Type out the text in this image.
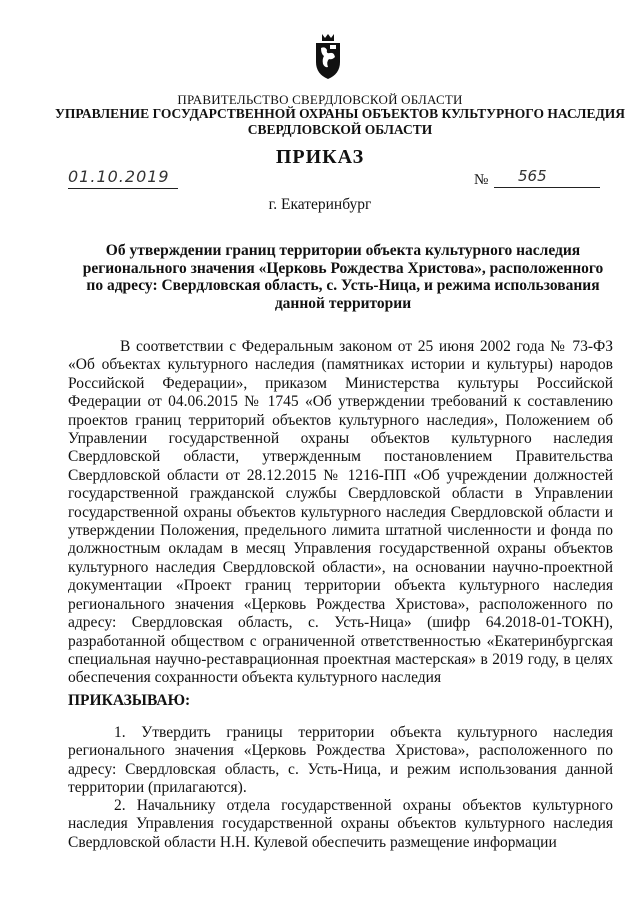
ПРАВИТЕЛЬСТВО СВЕРДЛОВСКОЙ ОБЛАСТИ
УПРАВЛЕНИЕ ГОСУДАРСТВЕННОЙ ОХРАНЫ ОБЪЕКТОВ КУЛЬТУРНОГО НАСЛЕДИЯ СВЕРДЛОВСКОЙ ОБЛАСТИ
ПРИКАЗ
01.10.2019	№	565
г. Екатеринбург
Об утверждении границ территории объекта культурного наследия регионального значения «Церковь Рождества Христова», расположенного по адресу: Свердловская область, с. Усть-Ница, и режима использования данной территории
В соответствии с Федеральным законом от 25 июня 2002 года № 73-ФЗ «Об объектах культурного наследия (памятниках истории и культуры) народов Российской Федерации», приказом Министерства культуры Российской Федерации от 04.06.2015 № 1745 «Об утверждении требований к составлению проектов границ территорий объектов культурного наследия», Положением об Управлении государственной охраны объектов культурного наследия Свердловской области, утвержденным постановлением Правительства Свердловской области от 28.12.2015 № 1216-ПП «Об учреждении должностей государственной гражданской службы Свердловской области в Управлении государственной охраны объектов культурного наследия Свердловской области и утверждении Положения, предельного лимита штатной численности и фонда по должностным окладам в месяц Управления государственной охраны объектов культурного наследия Свердловской области», на основании научно-проектной документации «Проект границ территории объекта культурного наследия регионального значения «Церковь Рождества Христова», расположенного по адресу: Свердловская область, с. Усть-Ница» (шифр 64.2018-01-ТОКН), разработанной обществом с ограниченной ответственностью «Екатеринбургская специальная научно-реставрационная проектная мастерская» в 2019 году, в целях обеспечения сохранности объекта культурного наследия
ПРИКАЗЫВАЮ:
1. Утвердить границы территории объекта культурного наследия регионального значения «Церковь Рождества Христова», расположенного по адресу: Свердловская область, с. Усть-Ница, и режим использования данной территории (прилагаются).
2. Начальнику отдела государственной охраны объектов культурного наследия Управления государственной охраны объектов культурного наследия Свердловской области Н.Н. Кулевой обеспечить размещение информации
